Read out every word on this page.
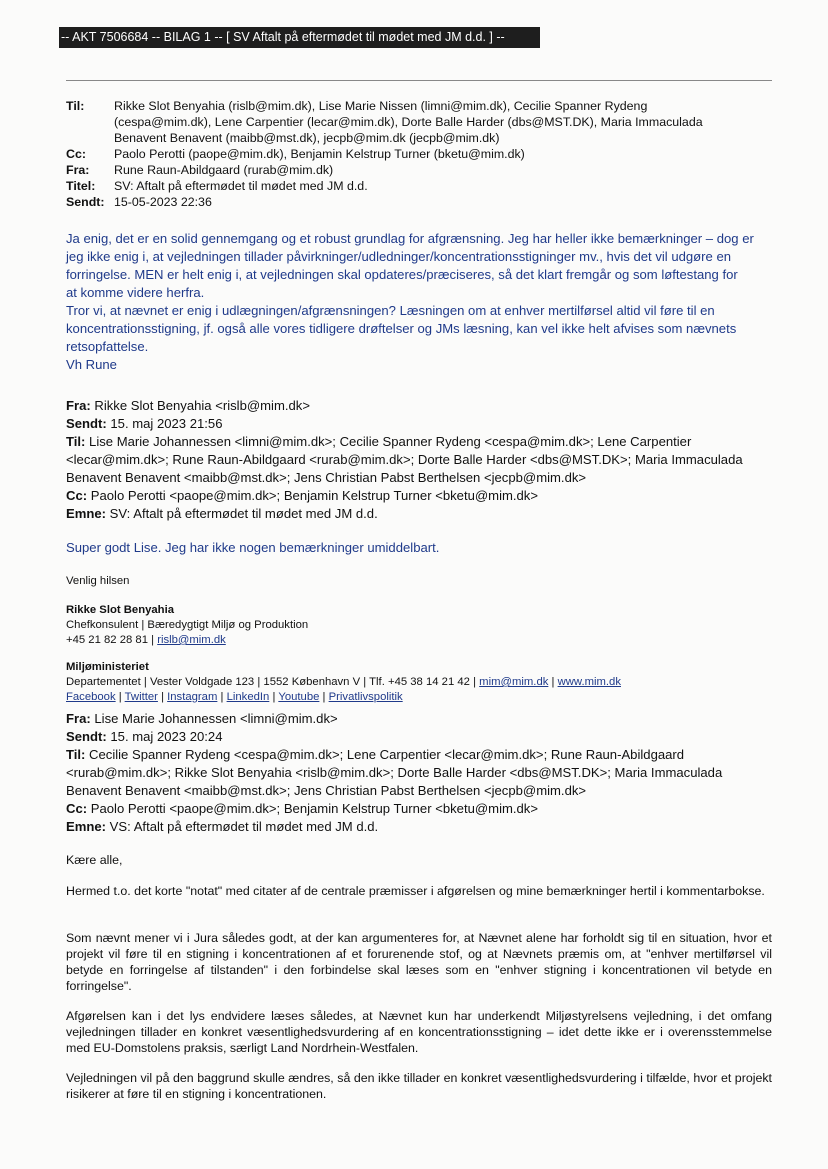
-- AKT 7506684 -- BILAG 1 -- [ SV Aftalt på eftermødet til mødet med JM d.d. ] --
Til:	Rikke Slot Benyahia (rislb@mim.dk), Lise Marie Nissen (limni@mim.dk), Cecilie Spanner Rydeng
(cespa@mim.dk), Lene Carpentier (lecar@mim.dk), Dorte Balle Harder (dbs@MST.DK), Maria Immaculada
Benavent Benavent (maibb@mst.dk), jecpb@mim.dk (jecpb@mim.dk)
Cc:	Paolo Perotti (paope@mim.dk), Benjamin Kelstrup Turner (bketu@mim.dk)
Fra:	Rune Raun-Abildgaard (rurab@mim.dk)
Titel:	SV: Aftalt på eftermødet til mødet med JM d.d.
Sendt: 15-05-2023 22:36
Ja enig, det er en solid gennemgang og et robust grundlag for afgrænsning. Jeg har heller ikke bemærkninger – dog er
jeg ikke enig i, at vejledningen tillader påvirkninger/udledninger/koncentrationsstigninger mv., hvis det vil udgøre en
forringelse. MEN er helt enig i, at vejledningen skal opdateres/præciseres, så det klart fremgår og som løftestang for
at komme videre herfra.
Tror vi, at nævnet er enig i udlægningen/afgrænsningen? Læsningen om at enhver mertilførsel altid vil føre til en
koncentrationsstigning, jf. også alle vores tidligere drøftelser og JMs læsning, kan vel ikke helt afvises som nævnets
retsopfattelse.
Vh Rune
Fra: Rikke Slot Benyahia <rislb@mim.dk>
Sendt: 15. maj 2023 21:56
Til: Lise Marie Johannessen <limni@mim.dk>; Cecilie Spanner Rydeng <cespa@mim.dk>; Lene Carpentier
<lecar@mim.dk>; Rune Raun-Abildgaard <rurab@mim.dk>; Dorte Balle Harder <dbs@MST.DK>; Maria Immaculada
Benavent Benavent <maibb@mst.dk>; Jens Christian Pabst Berthelsen <jecpb@mim.dk>
Cc: Paolo Perotti <paope@mim.dk>; Benjamin Kelstrup Turner <bketu@mim.dk>
Emne: SV: Aftalt på eftermødet til mødet med JM d.d.
Super godt Lise. Jeg har ikke nogen bemærkninger umiddelbart.
Venlig hilsen
Rikke Slot Benyahia
Chefkonsulent | Bæredygtigt Miljø og Produktion
+45 21 82 28 81 | rislb@mim.dk
Miljøministeriet
Departementet | Vester Voldgade 123 | 1552 København V | Tlf. +45 38 14 21 42 | mim@mim.dk | www.mim.dk
Facebook | Twitter | Instagram | LinkedIn | Youtube | Privatlivspolitik
Fra: Lise Marie Johannessen <limni@mim.dk>
Sendt: 15. maj 2023 20:24
Til: Cecilie Spanner Rydeng <cespa@mim.dk>; Lene Carpentier <lecar@mim.dk>; Rune Raun-Abildgaard
<rurab@mim.dk>; Rikke Slot Benyahia <rislb@mim.dk>; Dorte Balle Harder <dbs@MST.DK>; Maria Immaculada
Benavent Benavent <maibb@mst.dk>; Jens Christian Pabst Berthelsen <jecpb@mim.dk>
Cc: Paolo Perotti <paope@mim.dk>; Benjamin Kelstrup Turner <bketu@mim.dk>
Emne: VS: Aftalt på eftermødet til mødet med JM d.d.
Kære alle,
Hermed t.o. det korte "notat" med citater af de centrale præmisser i afgørelsen og mine bemærkninger hertil i kommentarbokse.
Som nævnt mener vi i Jura således godt, at der kan argumenteres for, at Nævnet alene har forholdt sig til en situation, hvor et projekt vil føre til en stigning i koncentrationen af et forurenende stof, og at Nævnets præmis om, at "enhver mertilførsel vil betyde en forringelse af tilstanden" i den forbindelse skal læses som en "enhver stigning i koncentrationen vil betyde en forringelse".
Afgørelsen kan i det lys endvidere læses således, at Nævnet kun har underkendt Miljøstyrelsens vejledning, i det omfang vejledningen tillader en konkret væsentlighedsvurdering af en koncentrationsstigning – idet dette ikke er i overensstemmelse med EU-Domstolens praksis, særligt Land Nordrhein-Westfalen.
Vejledningen vil på den baggrund skulle ændres, så den ikke tillader en konkret væsentlighedsvurdering i tilfælde, hvor et projekt risikerer at føre til en stigning i koncentrationen.
